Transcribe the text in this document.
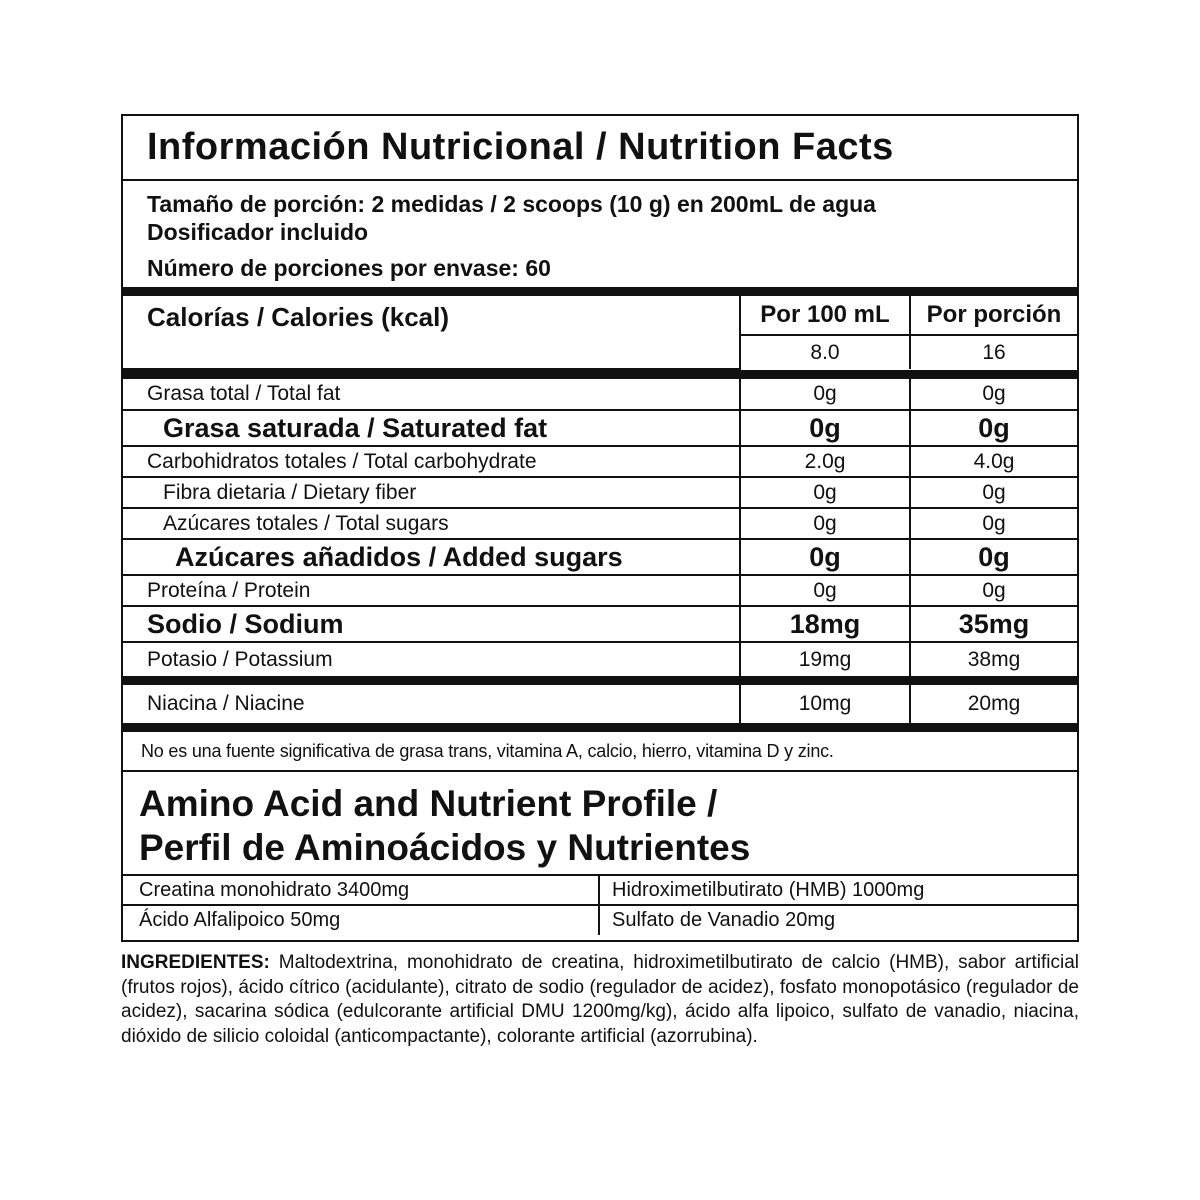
Información Nutricional / Nutrition Facts
Tamaño de porción: 2 medidas / 2 scoops (10 g) en 200mL de agua
Dosificador incluido
Número de porciones por envase: 60
Calorías / Calories (kcal)	Por 100 mL	Por porción
	8.0	16
Grasa total / Total fat	0g	0g
Grasa saturada / Saturated fat	0g	0g
Carbohidratos totales / Total carbohydrate	2.0g	4.0g
Fibra dietaria / Dietary fiber	0g	0g
Azúcares totales / Total sugars	0g	0g
Azúcares añadidos / Added sugars	0g	0g
Proteína / Protein	0g	0g
Sodio / Sodium	18mg	35mg
Potasio / Potassium	19mg	38mg
Niacina / Niacine	10mg	20mg
No es una fuente significativa de grasa trans, vitamina A, calcio, hierro, vitamina D y zinc.
Amino Acid and Nutrient Profile /
Perfil de Aminoácidos y Nutrientes
Creatina monohidrato 3400mg	Hidroximetilbutirato (HMB) 1000mg
Ácido Alfalipoico 50mg	Sulfato de Vanadio 20mg
INGREDIENTES: Maltodextrina, monohidrato de creatina, hidroximetilbutirato de calcio (HMB), sabor artificial (frutos rojos), ácido cítrico (acidulante), citrato de sodio (regulador de acidez), fosfato monopotásico (regulador de acidez), sacarina sódica (edulcorante artificial DMU 1200mg/kg), ácido alfa lipoico, sulfato de vanadio, niacina, dióxido de silicio coloidal (anticompactante), colorante artificial (azorrubina).
